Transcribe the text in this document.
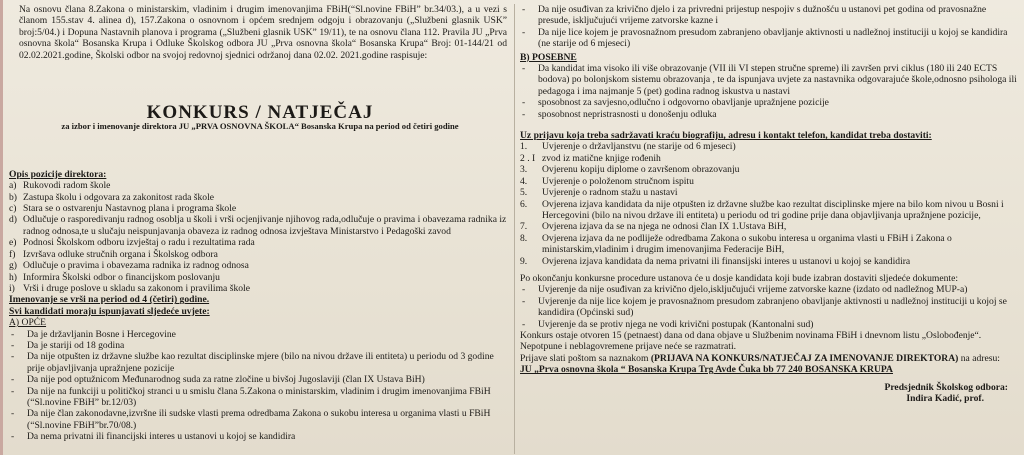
Na osnovu člana 8.Zakona o ministarskim, vladinim i drugim imenovanjima FBiH(“Sl.novine FBiH” br.34/03.), a u vezi s članom 155.stav 4. alinea d), 157.Zakona o osnovnom i općem srednjem odgoju i obrazovanju („Službeni glasnik USK” broj:5/04.) i Dopuna Nastavnih planova i programa („Službeni glasnik USK” 19/11), te na osnovu člana 112. Pravila JU „Prva osnovna škola“ Bosanska Krupa i Odluke Školskog odbora JU „Prva osnovna škola“ Bosanska Krupa“ Broj: 01-144/21 od 02.02.2021.godine, Školski odbor na svojoj redovnoj sjednici održanoj dana 02.02. 2021.godine raspisuje:

KONKURS / NATJEČAJ
za izbor i imenovanje direktora JU „PRVA OSNOVNA ŠKOLA“ Bosanska Krupa na period od četiri godine
Opis pozicije direktora:
a) Rukovodi radom škole
b) Zastupa školu i odgovara za zakonitost rada škole
c) Stara se o ostvarenju Nastavnog plana i programa škole
d) Odlučuje o rasporedivanju radnog osoblja u školi i vrši ocjenjivanje njihovog rada,odlučuje o pravima i obavezama radnika iz radnog odnosa,te u slučaju neispunjavanja obaveza iz radnog odnosa izvještava Ministarstvo i Pedagoški zavod
e) Podnosi Školskom odboru izvještaj o radu i rezultatima rada
f) Izvršava odluke stručnih organa i Školskog odbora
g) Odlučuje o pravima i obavezama radnika iz radnog odnosa
h) Informira Školski odbor o financijskom poslovanju
i) Vrši i druge poslove u skladu sa zakonom i pravilima škole
Imenovanje se vrši na period od 4 (četiri) godine.
Svi kandidati moraju ispunjavati sljedeće uvjete:
A) OPĆE
-	Da je državljanin Bosne i Hercegovine
-	Da je stariji od 18 godina
-	Da nije otpušten iz državne službe kao rezultat disciplinske mjere (bilo na nivou države ili entiteta) u periodu od 3 godine prije objavljivanja upražnjene pozicije
-	Da nije pod optužnicom Međunarodnog suda za ratne zločine u bivšoj Jugoslaviji (član IX Ustava BiH)
-	Da nije na funkciji u političkoj stranci u u smislu člana 5.Zakona o ministarskim, vladinim i drugim imenovanjima FBiH (“Sl.novine FBiH” br.12/03)
-	Da nije član zakonodavne,izvršne ili sudske vlasti prema odredbama Zakona o sukobu interesa u organima vlasti u FBiH (“Sl.novine FBiH”br.70/08.)
-	Da nema privatni ili financijski interes u ustanovi u kojoj se kandidira
-	Da nije osuđivan za krivično djelo i za privredni prijestup nespojiv s dužnošću u ustanovi pet godina od pravosnažne presude, isključujući vrijeme zatvorske kazne i
-	Da nije lice kojem je pravosnažnom presudom zabranjeno obavljanje aktivnosti u nadležnoj instituciji u kojoj se kandidira (ne starije od 6 mjeseci)
B) POSEBNE
-	Da kandidat ima visoko ili više obrazovanje (VII ili VI stepen stručne spreme) ili završen prvi ciklus (180 ili 240 ECTS bodova) po bolonjskom sistemu obrazovanja , te da ispunjava uvjete za nastavnika odgovarajuće škole,odnosno psihologa ili pedagoga i ima najmanje 5 (pet) godina radnog iskustva u nastavi
-	sposobnost za savjesno,odlučno i odgovorno obavljanje upražnjene pozicije
-	sposobnost nepristrasnosti u donošenju odluka
Uz prijavu koja treba sadržavati kraću biografiju, adresu i kontakt telefon, kandidat treba dostaviti:
1.	Uvjerenje o državljanstvu (ne starije od 6 mjeseci)
2 . I zvod iz matične knjige rođenih
3.	Ovjerenu kopiju diplome o završenom obrazovanju
4.	Uvjerenje o položenom stručnom ispitu
5.	Uvjerenje o radnom stažu u nastavi
6.	Ovjerena izjava kandidata da nije otpušten iz državne službe kao rezultat disciplinske mjere na bilo kom nivou u Bosni i Hercegovini (bilo na nivou države ili entiteta) u periodu od tri godine prije dana objavljivanja upražnjene pozicije,
7.	Ovjerena izjava da se na njega ne odnosi član IX 1.Ustava BiH,
8.	Ovjerena izjava da ne podliježe odredbama Zakona o sukobu interesa u organima vlasti u FBiH i Zakona o ministarskim,vladinim i drugim imenovanjima Federacije BiH,
9.	Ovjerena izjava kandidata da nema privatni ili finansijski interes u ustanovi u kojoj se kandidira

Po okončanju konkursne procedure ustanova će u dosje kandidata koji bude izabran dostaviti sljedeće dokumente:

-	Uvjerenje da nije osuđivan za krivično djelo,isključujući vrijeme zatvorske kazne (izdato od nadležnog MUP-a)
-	Uvjerenje da nije lice kojem je pravosnažnom presudom zabranjeno obavljanje aktivnosti u nadležnoj instituciji u kojoj se kandidira (Općinski sud)
-	Uvjerenje da se protiv njega ne vodi krivični postupak (Kantonalni sud)

Konkurs ostaje otvoren 15 (petnaest) dana od dana objave u Službenim novinama FBiH i dnevnom listu „Oslobođenje“.

Nepotpune i neblagovremene prijave neće se razmatrati.

Prijave slati poštom sa naznakom (PRIJAVA NA KONKURS/NATJEČAJ ZA IMENOVANJE DIREKTORA) na adresu:

JU „Prva osnovna škola “ Bosanska Krupa Trg Avde Čuka bb 77 240 BOSANSKA KRUPA

Predsjednik Školskog odbora:
Indira Kadić, prof.
